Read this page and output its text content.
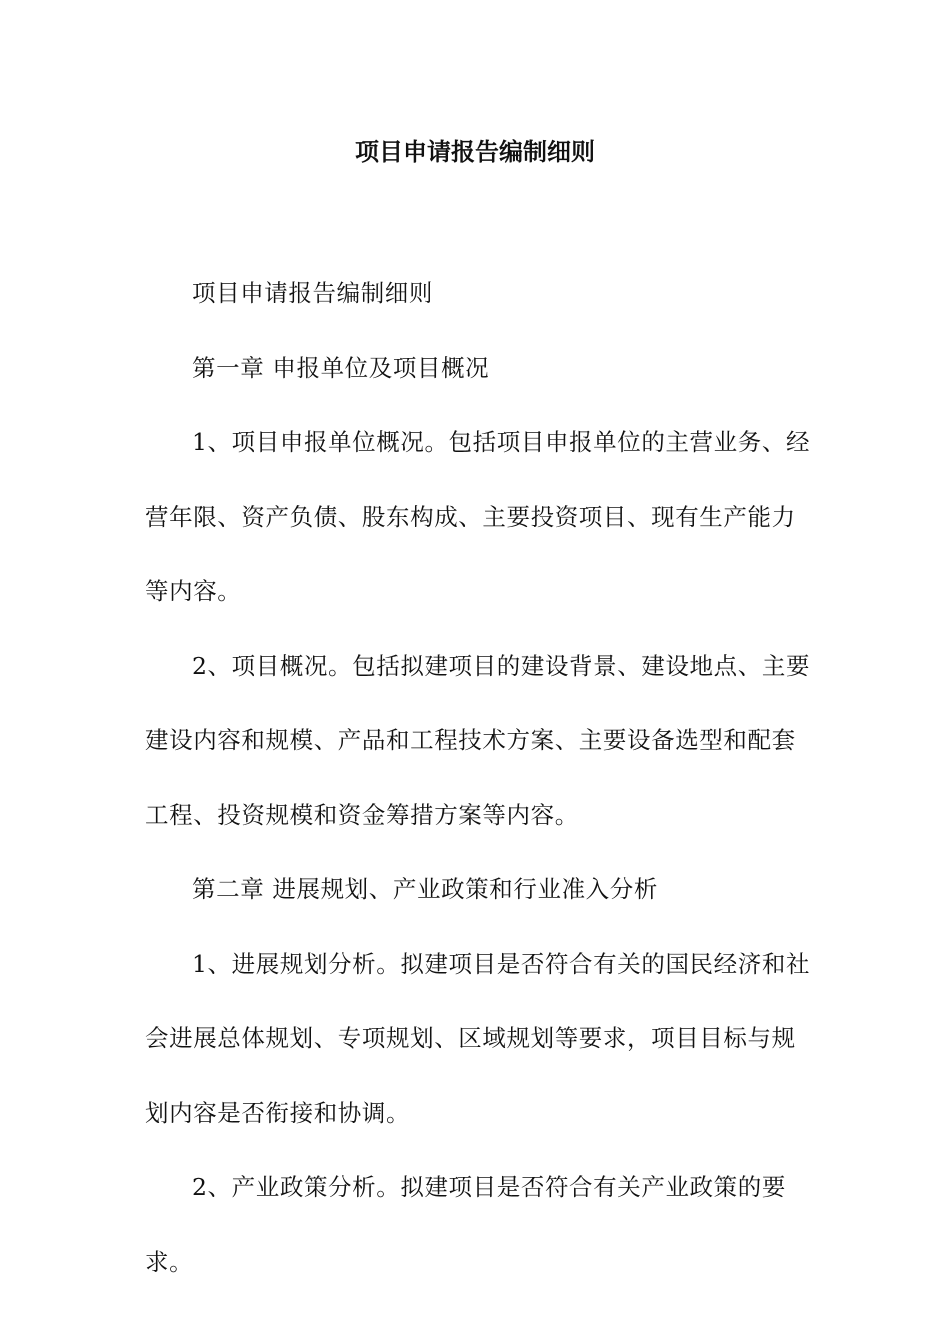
项目申请报告编制细则

项目申请报告编制细则

第一章 申报单位及项目概况

1、项目申报单位概况。包括项目申报单位的主营业务、经营年限、资产负债、股东构成、主要投资项目、现有生产能力等内容。

2、项目概况。包括拟建项目的建设背景、建设地点、主要建设内容和规模、产品和工程技术方案、主要设备选型和配套工程、投资规模和资金筹措方案等内容。

第二章 进展规划、产业政策和行业准入分析

1、进展规划分析。拟建项目是否符合有关的国民经济和社会进展总体规划、专项规划、区域规划等要求，项目目标与规划内容是否衔接和协调。

2、产业政策分析。拟建项目是否符合有关产业政策的要求。
